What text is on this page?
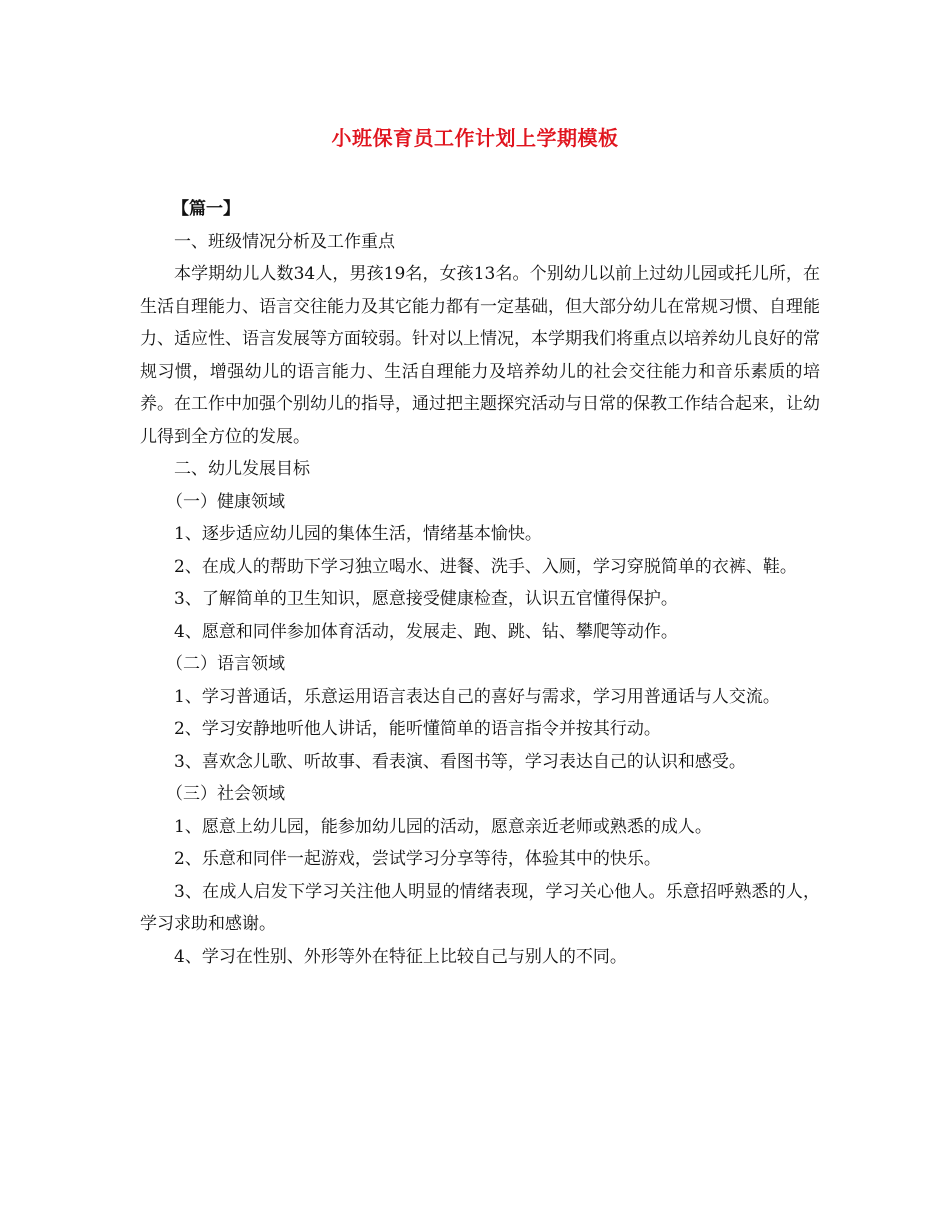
小班保育员工作计划上学期模板

【篇一】

一、班级情况分析及工作重点

本学期幼儿人数34人，男孩19名，女孩13名。个别幼儿以前上过幼儿园或托儿所，在生活自理能力、语言交往能力及其它能力都有一定基础，但大部分幼儿在常规习惯、自理能力、适应性、语言发展等方面较弱。针对以上情况，本学期我们将重点以培养幼儿良好的常规习惯，增强幼儿的语言能力、生活自理能力及培养幼儿的社会交往能力和音乐素质的培养。在工作中加强个别幼儿的指导，通过把主题探究活动与日常的保教工作结合起来，让幼儿得到全方位的发展。

二、幼儿发展目标

（一）健康领域

1、逐步适应幼儿园的集体生活，情绪基本愉快。

2、在成人的帮助下学习独立喝水、进餐、洗手、入厕，学习穿脱简单的衣裤、鞋。

3、了解简单的卫生知识，愿意接受健康检查，认识五官懂得保护。

4、愿意和同伴参加体育活动，发展走、跑、跳、钻、攀爬等动作。

（二）语言领域

1、学习普通话，乐意运用语言表达自己的喜好与需求，学习用普通话与人交流。

2、学习安静地听他人讲话，能听懂简单的语言指令并按其行动。

3、喜欢念儿歌、听故事、看表演、看图书等，学习表达自己的认识和感受。

（三）社会领域

1、愿意上幼儿园，能参加幼儿园的活动，愿意亲近老师或熟悉的成人。

2、乐意和同伴一起游戏，尝试学习分享等待，体验其中的快乐。

3、在成人启发下学习关注他人明显的情绪表现，学习关心他人。乐意招呼熟悉的人，学习求助和感谢。

4、学习在性别、外形等外在特征上比较自己与别人的不同。
